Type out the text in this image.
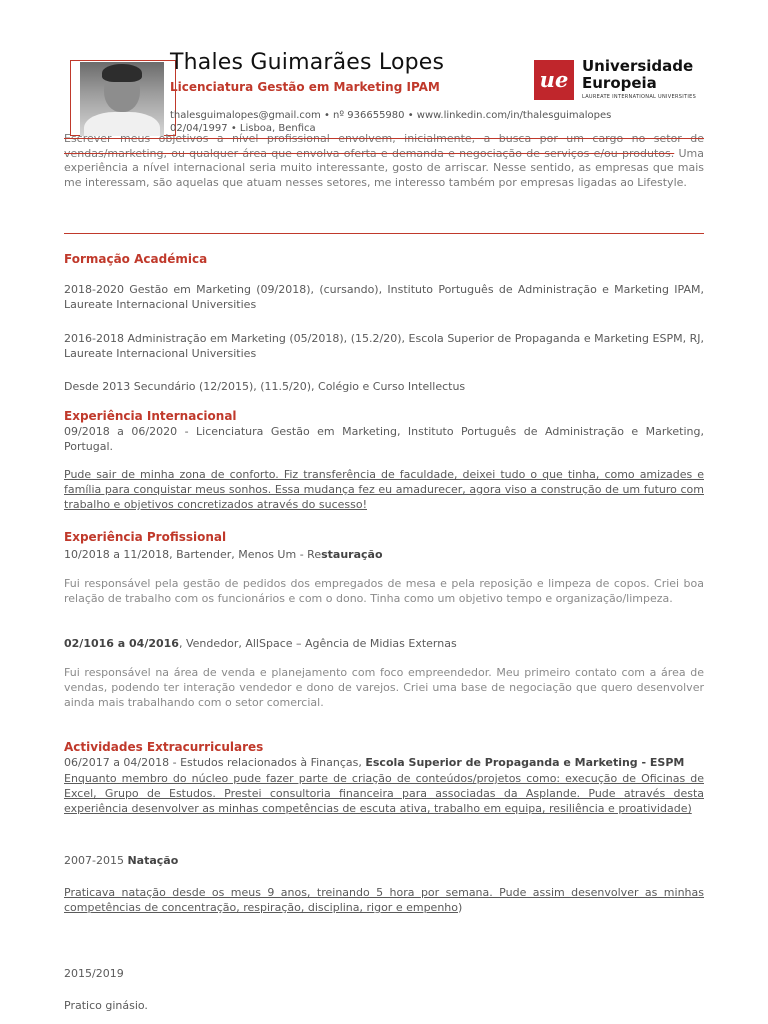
Thales Guimarães Lopes
Licenciatura Gestão em Marketing IPAM
thalesguimalopes@gmail.com • nº 936655980 • www.linkedin.com/in/thalesguimalopes
02/04/1997 • Lisboa, Benfica
ue
Universidade
Europeia
LAUREATE INTERNATIONAL UNIVERSITIES
Escrever meus objetivos a nível profissional envolvem, inicialmente, a busca por um cargo no setor de vendas/marketing, ou qualquer área que envolva oferta e demanda e negociação de serviços e/ou produtos. Uma experiência a nível internacional seria muito interessante, gosto de arriscar. Nesse sentido, as empresas que mais me interessam, são aquelas que atuam nesses setores, me interesso também por empresas ligadas ao Lifestyle.
Formação Académica
2018-2020 Gestão em Marketing (09/2018), (cursando), Instituto Português de Administração e Marketing IPAM, Laureate Internacional Universities
2016-2018 Administração em Marketing (05/2018), (15.2/20), Escola Superior de Propaganda e Marketing ESPM, RJ, Laureate Internacional Universities
Desde 2013 Secundário (12/2015), (11.5/20), Colégio e Curso Intellectus
Experiência Internacional
09/2018 a 06/2020 - Licenciatura Gestão em Marketing, Instituto Português de Administração e Marketing, Portugal.
Pude sair de minha zona de conforto. Fiz transferência de faculdade, deixei tudo o que tinha, como amizades e família para conquistar meus sonhos. Essa mudança fez eu amadurecer, agora viso a construção de um futuro com trabalho e objetivos concretizados através do sucesso!
Experiência Profissional
10/2018 a 11/2018, Bartender, Menos Um - Restauração
Fui responsável pela gestão de pedidos dos empregados de mesa e pela reposição e limpeza de copos. Criei boa relação de trabalho com os funcionários e com o dono. Tinha como um objetivo tempo e organização/limpeza.
02/1016 a 04/2016, Vendedor, AllSpace – Agência de Midias Externas
Fui responsável na área de venda e planejamento com foco empreendedor. Meu primeiro contato com a área de vendas, podendo ter interação vendedor e dono de varejos. Criei uma base de negociação que quero desenvolver ainda mais trabalhando com o setor comercial.
Actividades Extracurriculares
06/2017 a 04/2018 - Estudos relacionados à Finanças, Escola Superior de Propaganda e Marketing - ESPM
Enquanto membro do núcleo pude fazer parte de criação de conteúdos/projetos como: execução de Oficinas de Excel, Grupo de Estudos. Prestei consultoria financeira para associadas da Asplande. Pude através desta experiência desenvolver as minhas competências de escuta ativa, trabalho em equipa, resiliência e proatividade)
2007-2015 Natação
Praticava natação desde os meus 9 anos, treinando 5 hora por semana. Pude assim desenvolver as minhas competências de concentração, respiração, disciplina, rigor e empenho)
2015/2019
Pratico ginásio.
